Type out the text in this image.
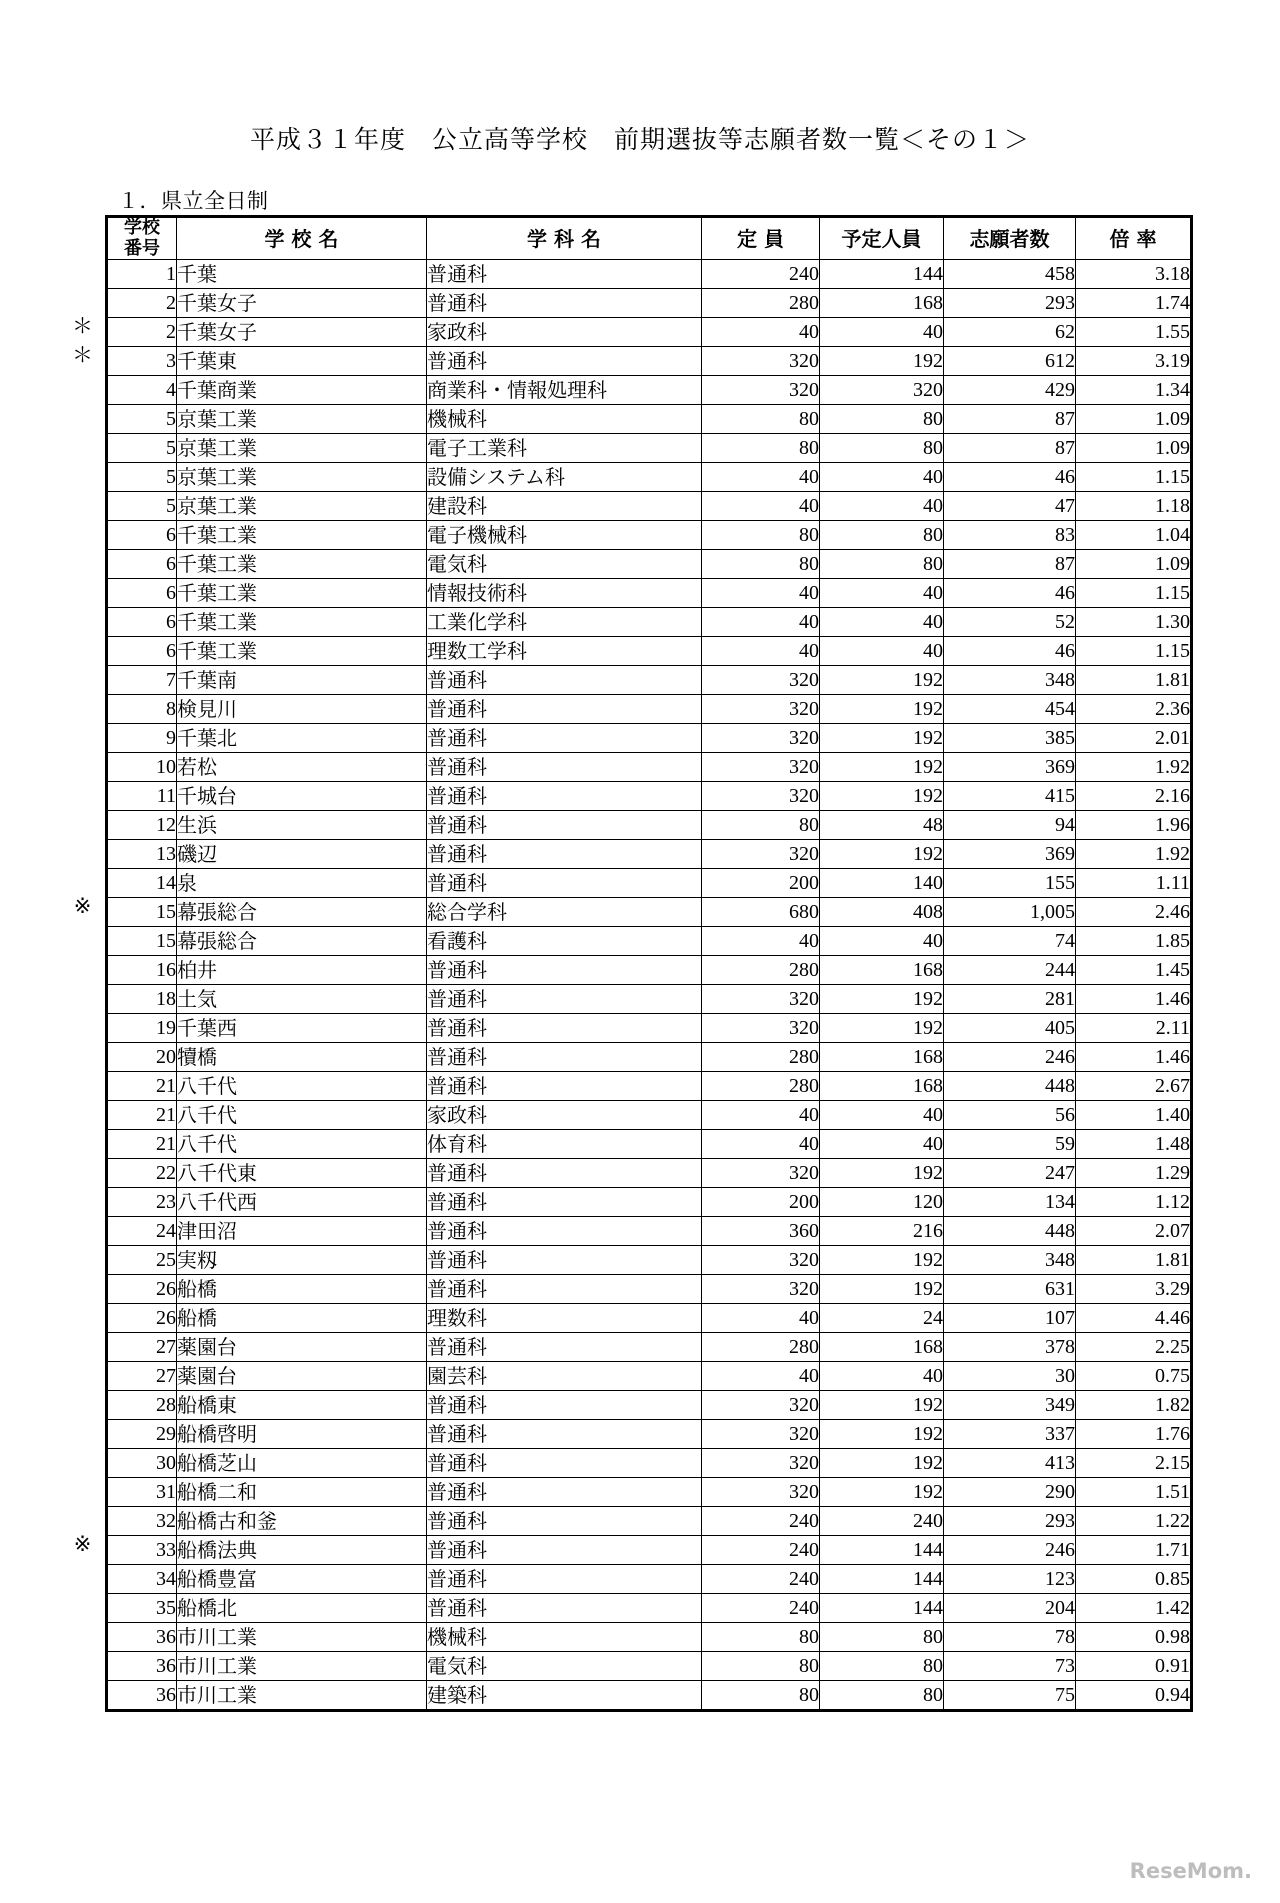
平成３１年度　公立高等学校　前期選抜等志願者数一覧＜その１＞
１．県立全日制
＊
＊
※
※
学校
番号	学 校 名	学 科 名	定 員	予定人員	志願者数	倍 率
1	千葉	普通科	240	144	458	3.18
2	千葉女子	普通科	280	168	293	1.74
2	千葉女子	家政科	40	40	62	1.55
3	千葉東	普通科	320	192	612	3.19
4	千葉商業	商業科・情報処理科	320	320	429	1.34
5	京葉工業	機械科	80	80	87	1.09
5	京葉工業	電子工業科	80	80	87	1.09
5	京葉工業	設備システム科	40	40	46	1.15
5	京葉工業	建設科	40	40	47	1.18
6	千葉工業	電子機械科	80	80	83	1.04
6	千葉工業	電気科	80	80	87	1.09
6	千葉工業	情報技術科	40	40	46	1.15
6	千葉工業	工業化学科	40	40	52	1.30
6	千葉工業	理数工学科	40	40	46	1.15
7	千葉南	普通科	320	192	348	1.81
8	検見川	普通科	320	192	454	2.36
9	千葉北	普通科	320	192	385	2.01
10	若松	普通科	320	192	369	1.92
11	千城台	普通科	320	192	415	2.16
12	生浜	普通科	80	48	94	1.96
13	磯辺	普通科	320	192	369	1.92
14	泉	普通科	200	140	155	1.11
15	幕張総合	総合学科	680	408	1,005	2.46
15	幕張総合	看護科	40	40	74	1.85
16	柏井	普通科	280	168	244	1.45
18	土気	普通科	320	192	281	1.46
19	千葉西	普通科	320	192	405	2.11
20	犢橋	普通科	280	168	246	1.46
21	八千代	普通科	280	168	448	2.67
21	八千代	家政科	40	40	56	1.40
21	八千代	体育科	40	40	59	1.48
22	八千代東	普通科	320	192	247	1.29
23	八千代西	普通科	200	120	134	1.12
24	津田沼	普通科	360	216	448	2.07
25	実籾	普通科	320	192	348	1.81
26	船橋	普通科	320	192	631	3.29
26	船橋	理数科	40	24	107	4.46
27	薬園台	普通科	280	168	378	2.25
27	薬園台	園芸科	40	40	30	0.75
28	船橋東	普通科	320	192	349	1.82
29	船橋啓明	普通科	320	192	337	1.76
30	船橋芝山	普通科	320	192	413	2.15
31	船橋二和	普通科	320	192	290	1.51
32	船橋古和釜	普通科	240	240	293	1.22
33	船橋法典	普通科	240	144	246	1.71
34	船橋豊富	普通科	240	144	123	0.85
35	船橋北	普通科	240	144	204	1.42
36	市川工業	機械科	80	80	78	0.98
36	市川工業	電気科	80	80	73	0.91
36	市川工業	建築科	80	80	75	0.94
ReseMom.
